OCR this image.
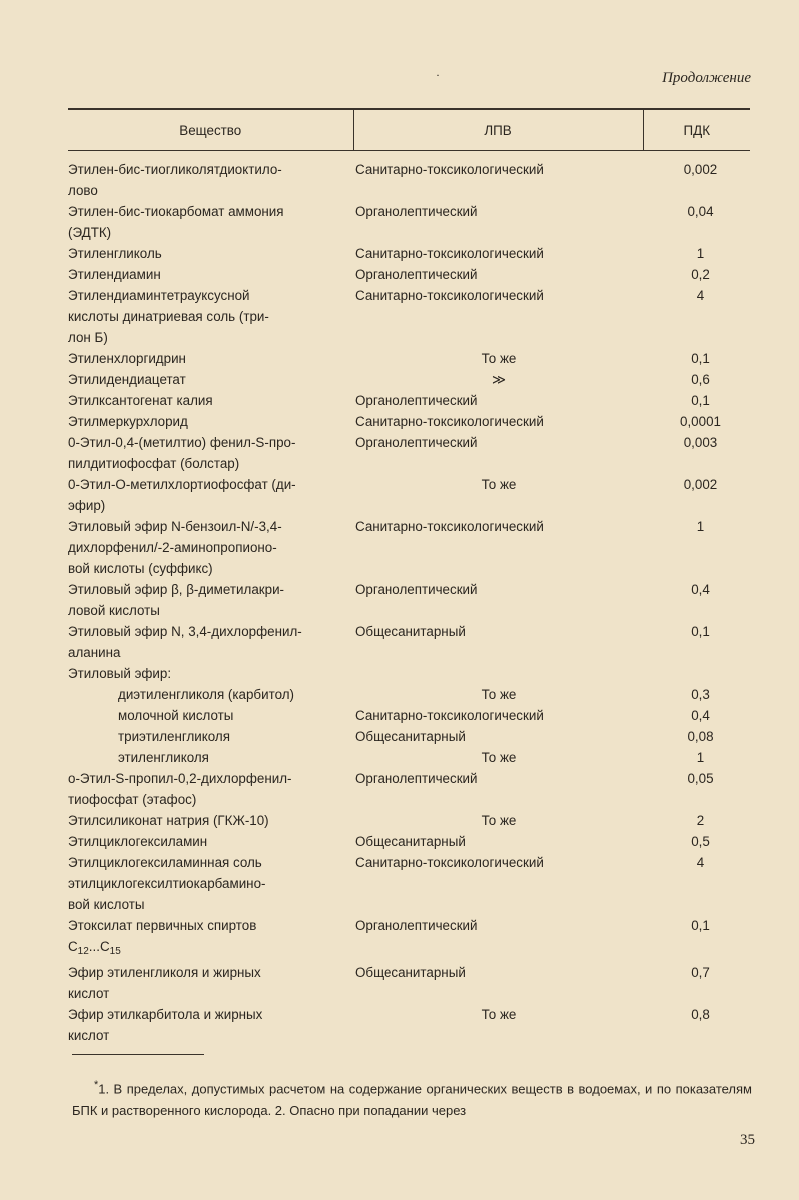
·	Продолжение
Вещество	ЛПВ	ПДК

Этилен-бис-тиогликолятдиоктило-
лово	Санитарно-токсикологический	0,002

Этилен-бис-тиокарбомат аммония
(ЭДТК)	Органолептический	0,04

Этиленгликоль	Санитарно-токсикологический	1

Этилендиамин	Органолептический	0,2

Этилендиаминтетрауксусной
кислоты динатриевая соль (три-
лон Б)	Санитарно-токсикологический	4

Этиленхлоргидрин	То же	0,1

Этилидендиацетат	≫	0,6

Этилксантогенат калия	Органолептический	0,1

Этилмеркурхлорид	Санитарно-токсикологический	0,0001

0-Этил-0,4-(метилтио) фенил-S-про-
пилдитиофосфат (болстар)	Органолептический	0,003

0-Этил-O-метилхлортиофосфат (ди-
эфир)	То же	0,002

Этиловый эфир N-бензоил-N/-3,4-
дихлорфенил/-2-аминопропионо-
вой кислоты (суффикс)	Санитарно-токсикологический	1

Этиловый эфир β, β-диметилакри-
ловой кислоты	Органолептический	0,4

Этиловый эфир N, 3,4-дихлорфенил-
аланина	Общесанитарный	0,1

Этиловый эфир:		

диэтиленгликоля (карбитол)	То же	0,3

молочной кислоты	Санитарно-токсикологический	0,4

триэтиленгликоля	Общесанитарный	0,08

этиленгликоля	То же	1

o-Этил-S-пропил-0,2-дихлорфенил-
тиофосфат (этафос)	Органолептический	0,05

Этилсиликонат натрия (ГКЖ-10)	То же	2

Этилциклогексиламин	Общесанитарный	0,5

Этилциклогексиламинная соль
этилциклогексилтиокарбамино-
вой кислоты	Санитарно-токсикологический	4

Этоксилат первичных спиртов
$C_{12}...C_{15}$	Органолептический	0,1

Эфир этиленгликоля и жирных
кислот	Общесанитарный	0,7

Эфир этилкарбитола и жирных
кислот	То же	0,8
*1. В пределах, допустимых расчетом на содержание органических веществ в водоемах, и по показателям БПК и растворенного кислорода. 2. Опасно при попадании через
35
